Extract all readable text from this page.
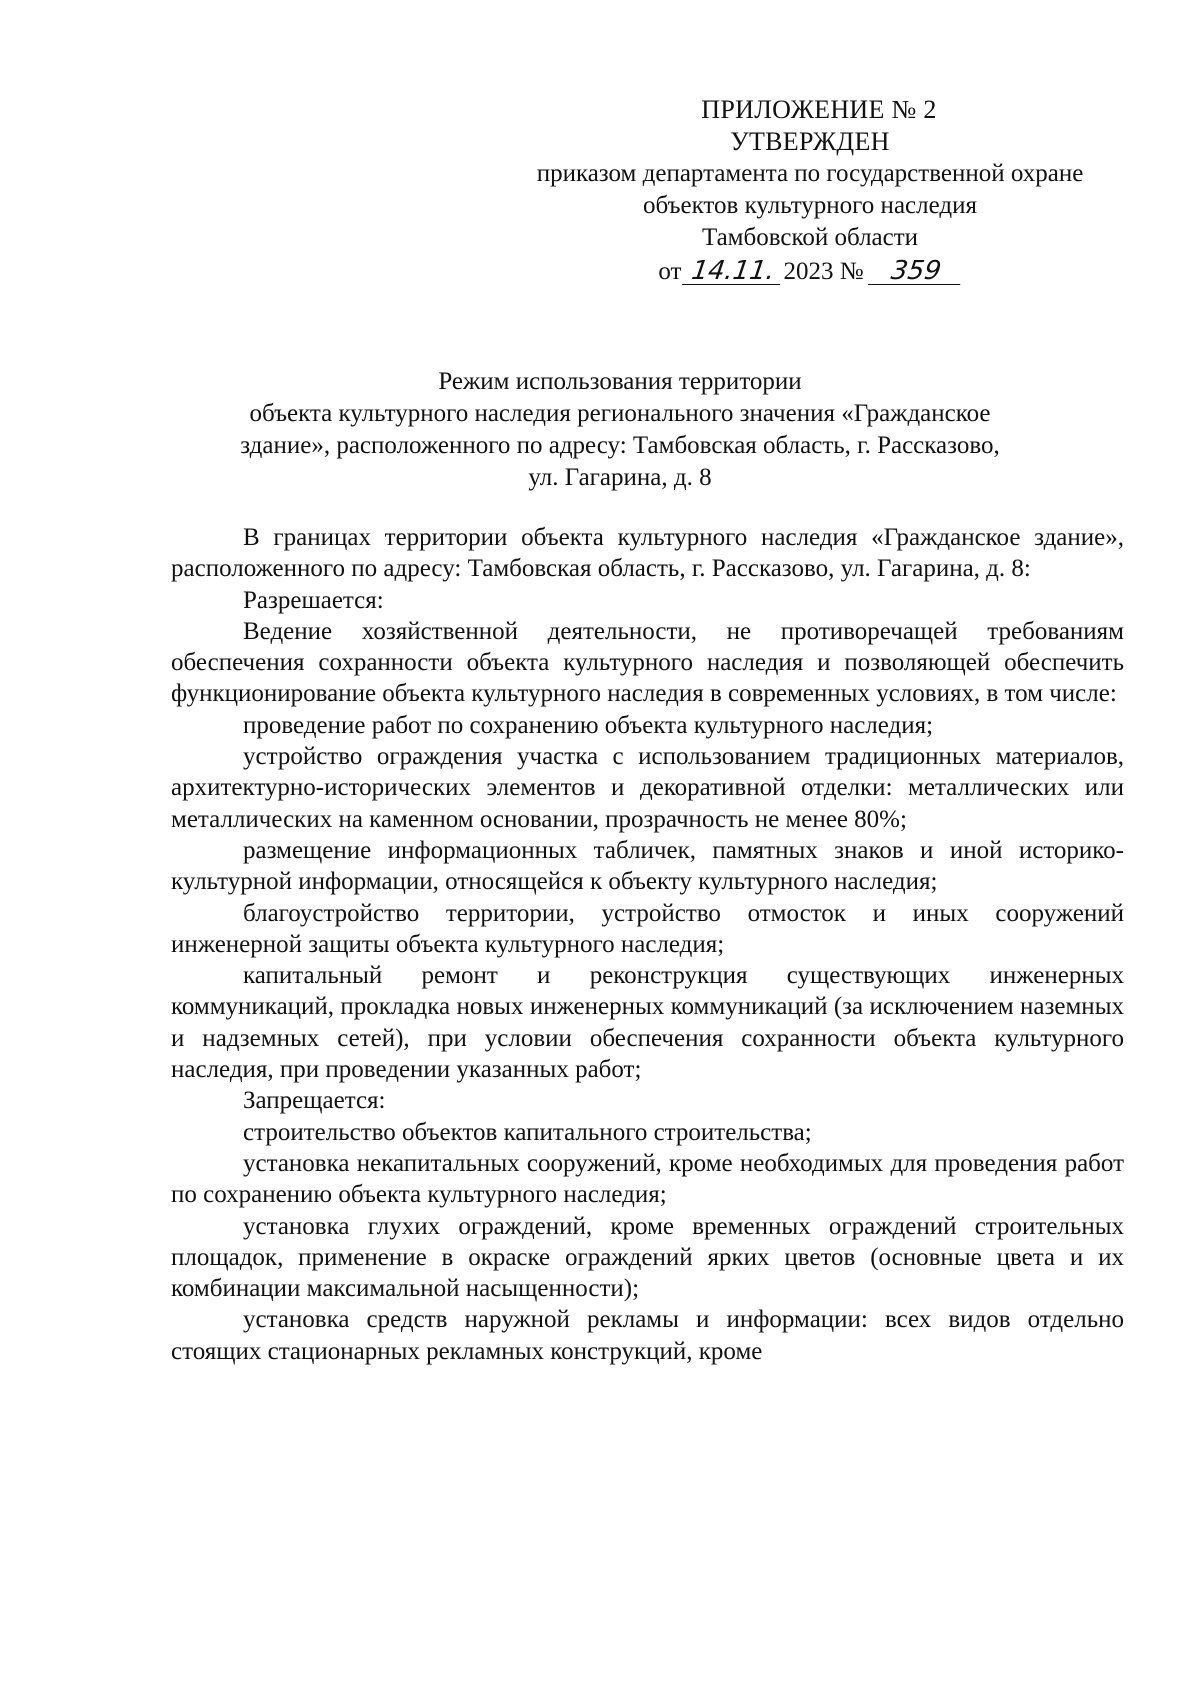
ПРИЛОЖЕНИЕ № 2
УТВЕРЖДЕН
приказом департамента по государственной охране
объектов культурного наследия
Тамбовской области
от 14.11. 2023 № 359
Режим использования территории
объекта культурного наследия регионального значения «Гражданское
здание», расположенного по адресу: Тамбовская область, г. Рассказово,
ул. Гагарина, д. 8

В границах территории объекта культурного наследия «Гражданское здание», расположенного по адресу: Тамбовская область, г. Рассказово, ул. Гагарина, д. 8:

Разрешается:

Ведение хозяйственной деятельности, не противоречащей требованиям обеспечения сохранности объекта культурного наследия и позволяющей обеспечить функционирование объекта культурного наследия в современных условиях, в том числе:

проведение работ по сохранению объекта культурного наследия;

устройство ограждения участка с использованием традиционных материалов, архитектурно-исторических элементов и декоративной отделки: металлических или металлических на каменном основании, прозрачность не менее 80%;

размещение информационных табличек, памятных знаков и иной историко-культурной информации, относящейся к объекту культурного наследия;

благоустройство территории, устройство отмосток и иных сооружений инженерной защиты объекта культурного наследия;

капитальный ремонт и реконструкция существующих инженерных коммуникаций, прокладка новых инженерных коммуникаций (за исключением наземных и надземных сетей), при условии обеспечения сохранности объекта культурного наследия, при проведении указанных работ;

Запрещается:

строительство объектов капитального строительства;

установка некапитальных сооружений, кроме необходимых для проведения работ по сохранению объекта культурного наследия;

установка глухих ограждений, кроме временных ограждений строительных площадок, применение в окраске ограждений ярких цветов (основные цвета и их комбинации максимальной насыщенности);

установка средств наружной рекламы и информации: всех видов отдельно стоящих стационарных рекламных конструкций, кроме
